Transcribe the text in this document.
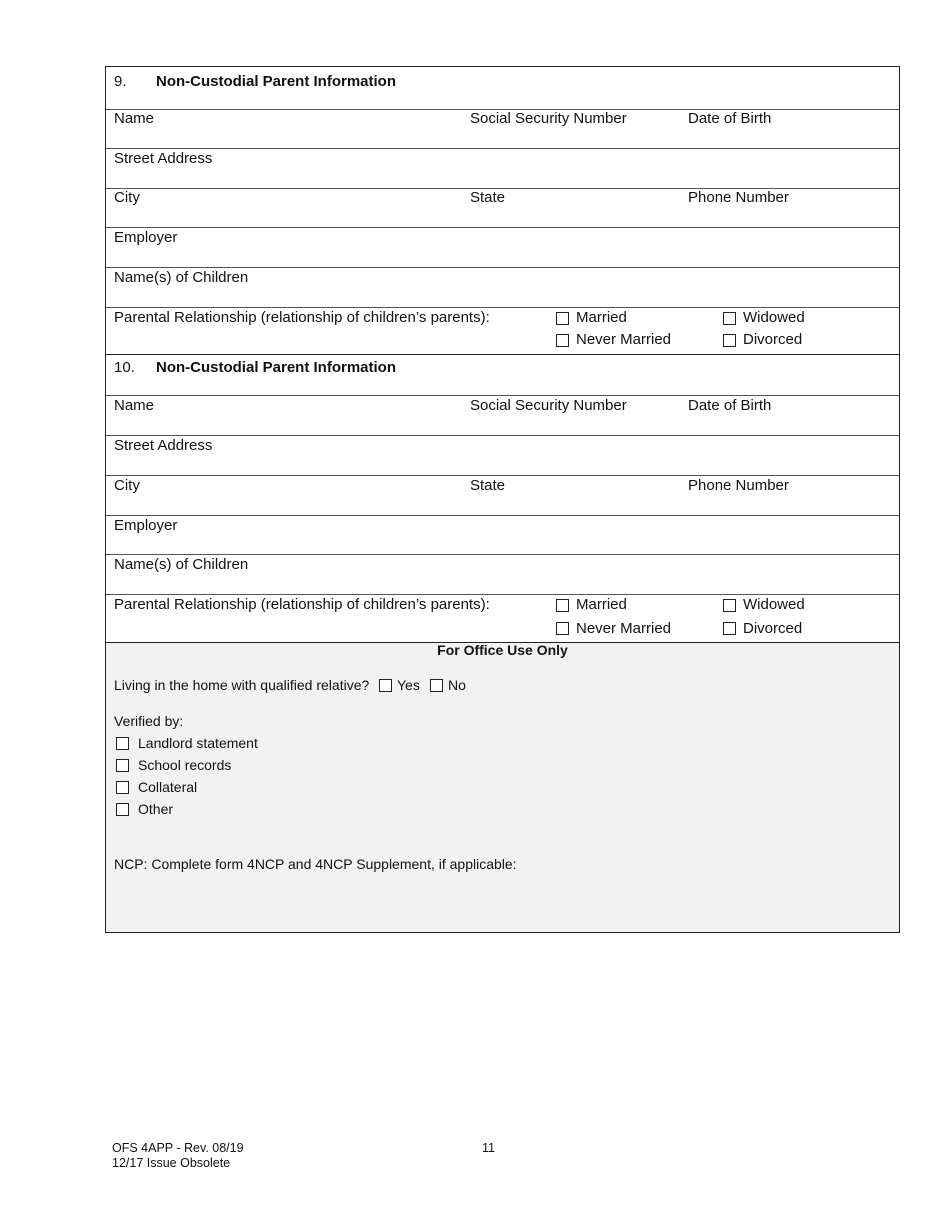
9. Non-Custodial Parent Information
Name	Social Security Number	Date of Birth
Street Address
City	State	Phone Number
Employer
Name(s) of Children
Parental Relationship (relationship of children’s parents):	Married	Widowed
Never Married	Divorced
10. Non-Custodial Parent Information
Name	Social Security Number	Date of Birth
Street Address
City	State	Phone Number
Employer
Name(s) of Children
Parental Relationship (relationship of children’s parents):	Married	Widowed
Never Married	Divorced
For Office Use Only
Living in the home with qualified relative? Yes No
Verified by:
Landlord statement
School records
Collateral
Other
NCP: Complete form 4NCP and 4NCP Supplement, if applicable:
OFS 4APP - Rev. 08/19
12/17 Issue Obsolete
11
